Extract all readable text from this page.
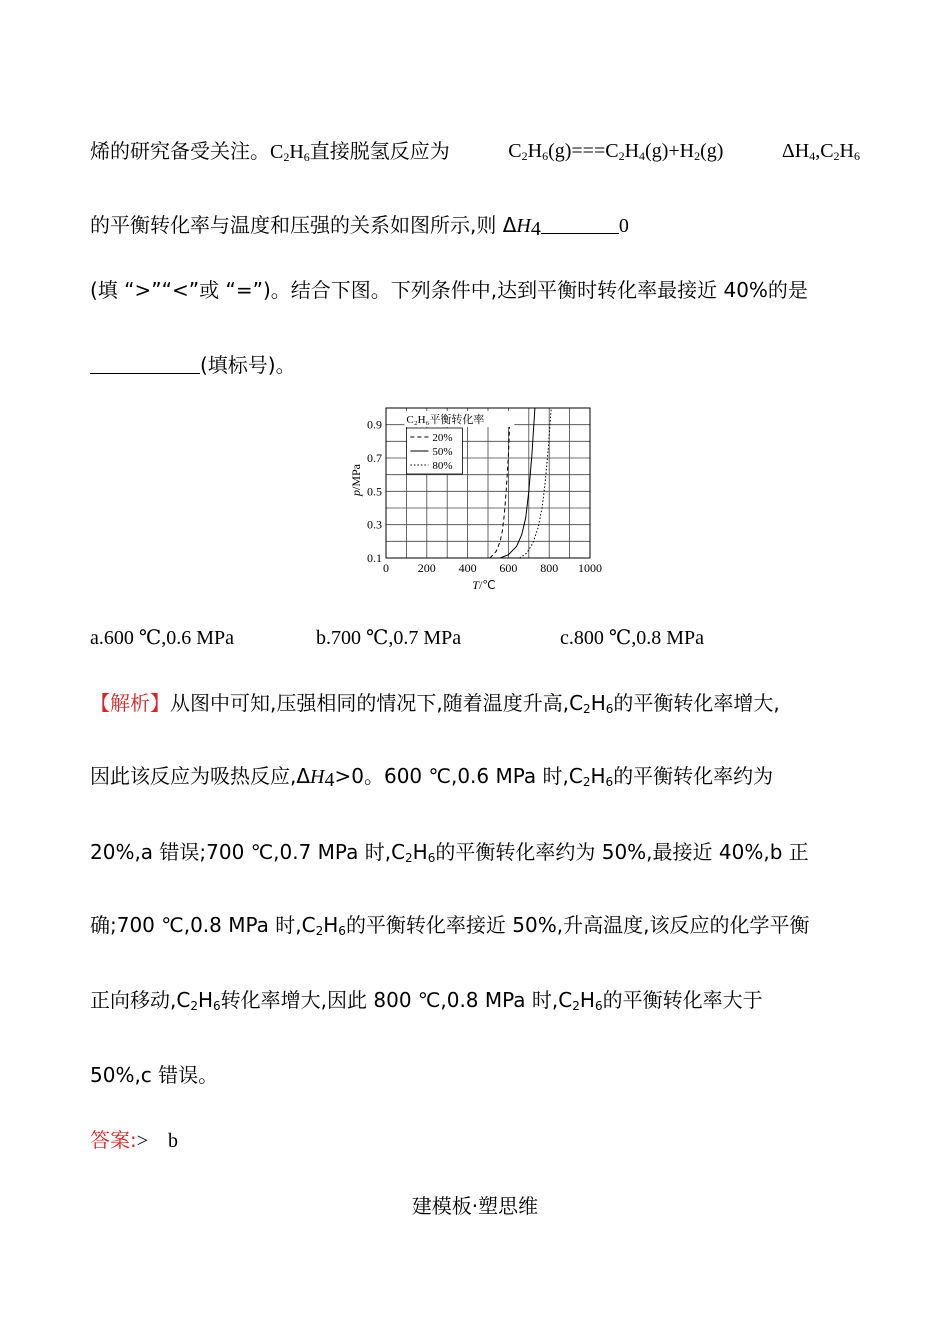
烯的研究备受关注。$C_2H_6$直接脱氢反应为	$C_2H_6(g)===C_2H_4(g)+H_2(g)$	$\Delta H_4,C_2H_6$
的平衡转化率与温度和压强的关系如图所示,则 $\Delta H_4$	0
(填 “>”“<”或 “=”)。结合下图。下列条件中,达到平衡时转化率最接近 40%的是
(填标号)。
0 200 400 600 800 1000
0.1
0.3
0.5
0.7
0.9
p/MPa
T/℃
C₂H₆平衡转化率
20%
50%
80%
a.600 ℃,0.6 MPa	b.700 ℃,0.7 MPa	c.800 ℃,0.8 MPa
【解析】从图中可知,压强相同的情况下,随着温度升高$,C_2H_6$的平衡转化率增大,
因此该反应为吸热反应$,\Delta H_4>0$。600 ℃,0.6 MPa 时$,C_2H_6$的平衡转化率约为
20%,a 错误;700 ℃,0.7 MPa 时$,C_2H_6$的平衡转化率约为 50%,最接近 40%,b 正
确;700 ℃,0.8 MPa 时$,C_2H_6$的平衡转化率接近 50%,升高温度,该反应的化学平衡
正向移动$,C_2H_6$转化率增大,因此 800 ℃,0.8 MPa 时$,C_2H_6$的平衡转化率大于
50%,c 错误。
答案:>　b
建模板·塑思维
